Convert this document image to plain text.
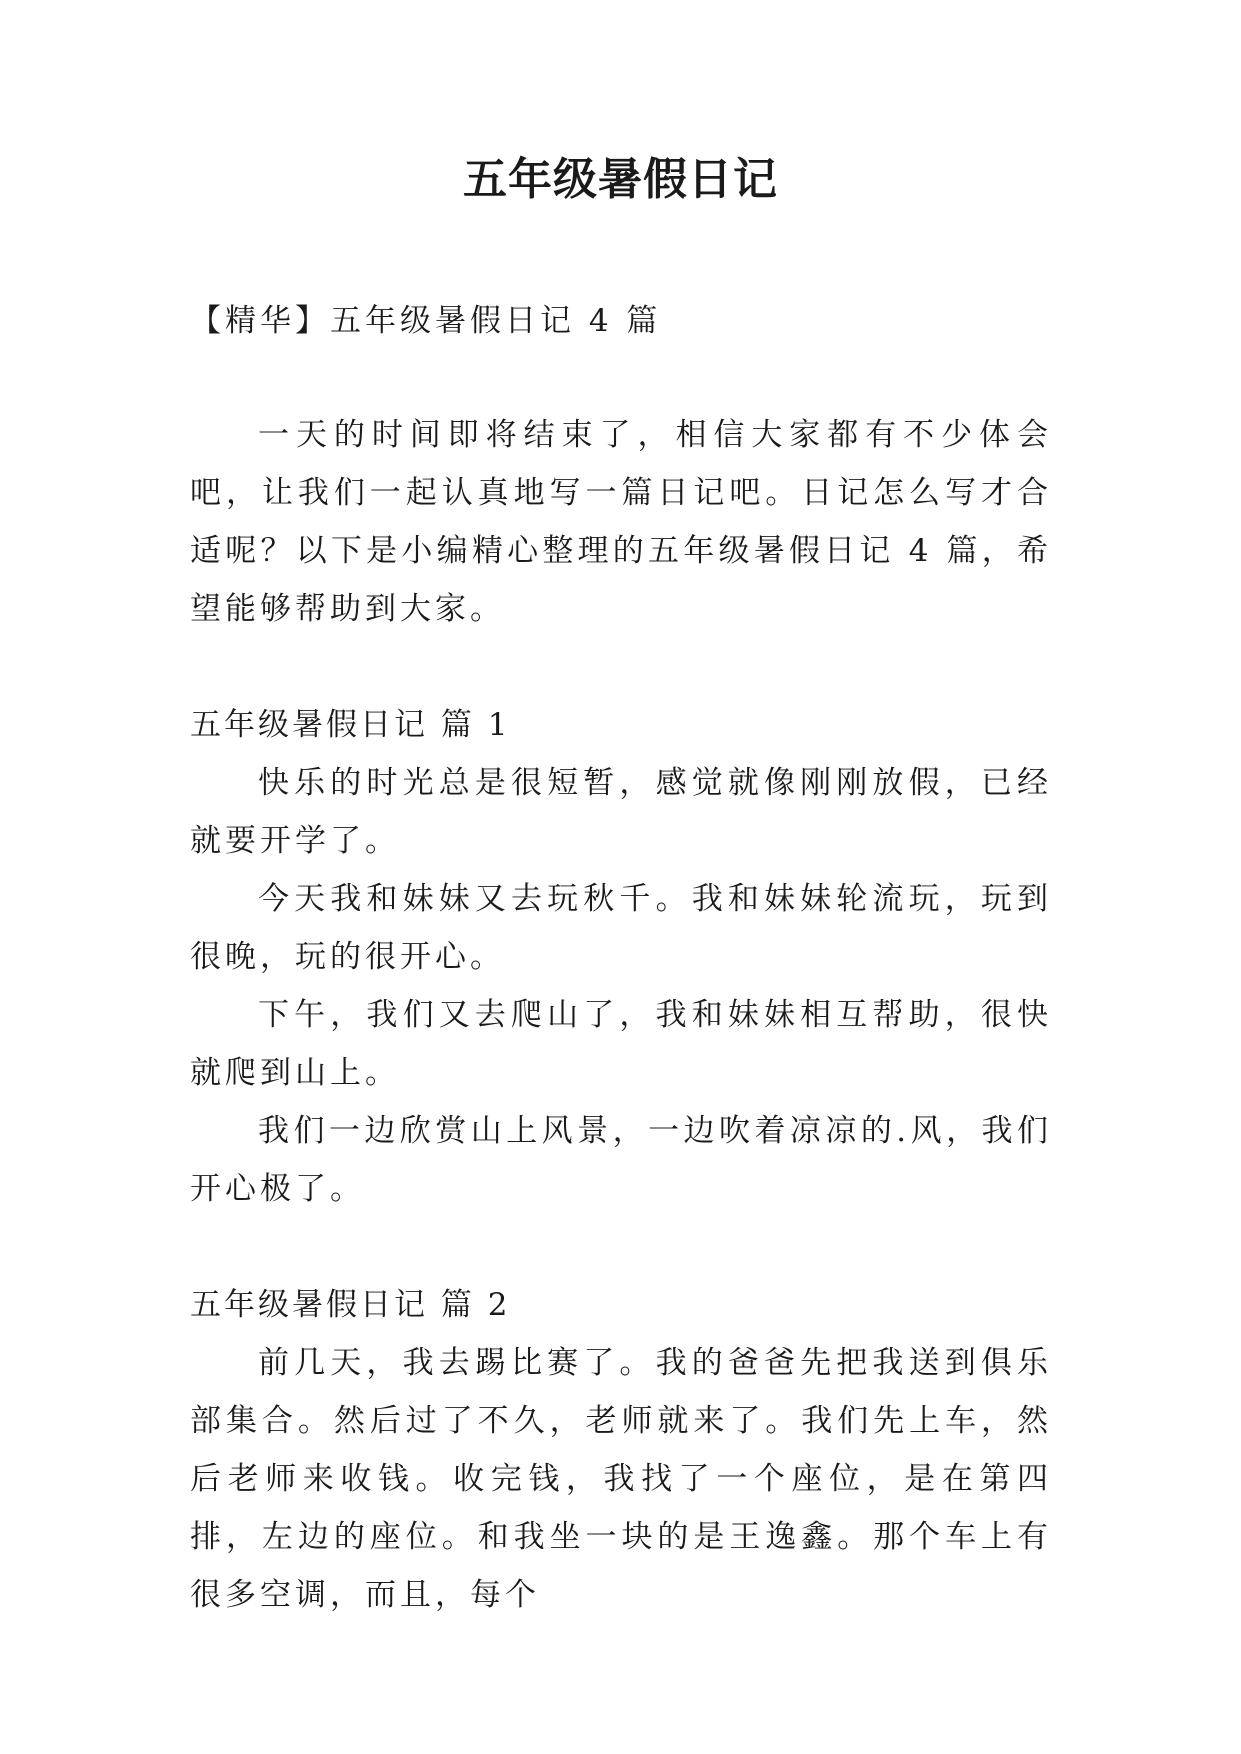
五年级暑假日记

【精华】五年级暑假日记 4 篇

一天的时间即将结束了，相信大家都有不少体会吧，让我们一起认真地写一篇日记吧。日记怎么写才合适呢？以下是小编精心整理的五年级暑假日记 4 篇，希望能够帮助到大家。

五年级暑假日记 篇 1

快乐的时光总是很短暂，感觉就像刚刚放假，已经就要开学了。

今天我和妹妹又去玩秋千。我和妹妹轮流玩，玩到很晚，玩的很开心。

下午，我们又去爬山了，我和妹妹相互帮助，很快就爬到山上。

我们一边欣赏山上风景，一边吹着凉凉的.风，我们开心极了。

五年级暑假日记 篇 2

前几天，我去踢比赛了。我的爸爸先把我送到俱乐部集合。然后过了不久，老师就来了。我们先上车，然后老师来收钱。收完钱，我找了一个座位，是在第四排，左边的座位。和我坐一块的是王逸鑫。那个车上有很多空调，而且，每个
